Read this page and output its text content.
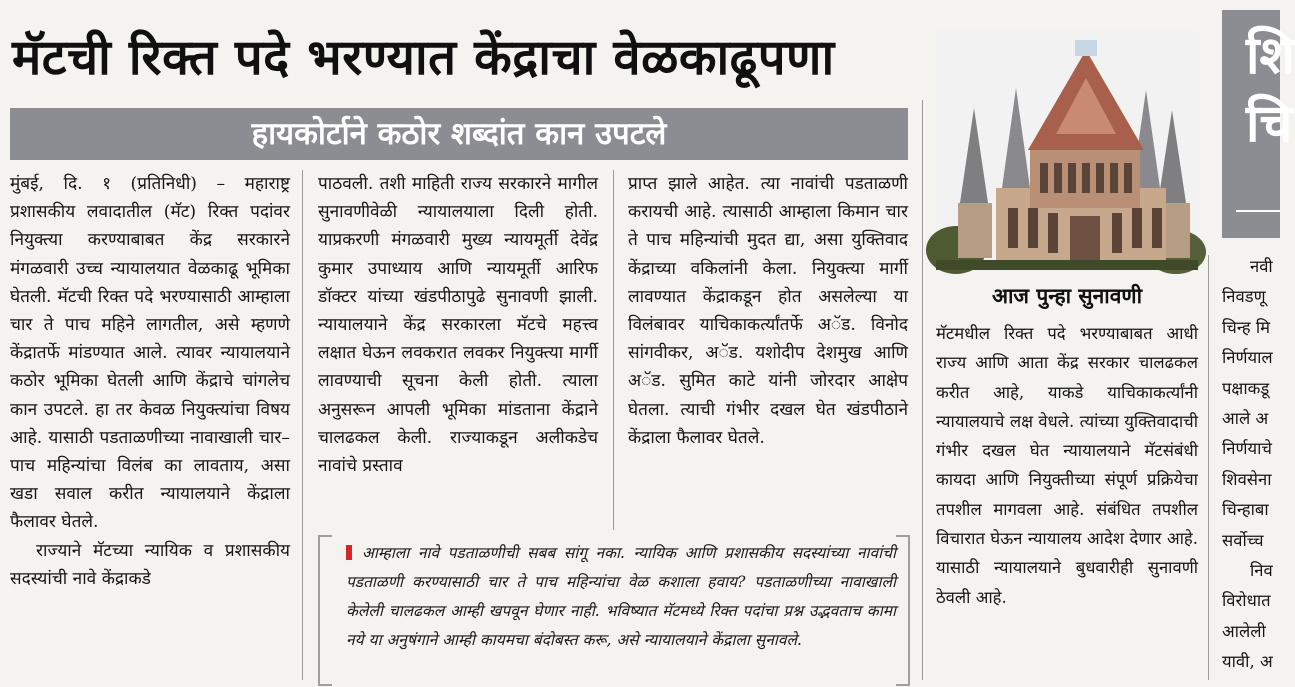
मॅटची रिक्त पदे भरण्यात केंद्राचा वेळकाढूपणा
हायकोर्टाने कठोर शब्दांत कान उपटले

मुंबई, दि. १ (प्रतिनिधी) – महाराष्ट्र प्रशासकीय लवादातील (मॅट) रिक्त पदांवर नियुक्त्या करण्याबाबत केंद्र सरकारने मंगळवारी उच्च न्यायालयात वेळकाढू भूमिका घेतली. मॅटची रिक्त पदे भरण्यासाठी आम्हाला चार ते पाच महिने लागतील, असे म्हणणे केंद्रातर्फे मांडण्यात आले. त्यावर न्यायालयाने कठोर भूमिका घेतली आणि केंद्राचे चांगलेच कान उपटले. हा तर केवळ नियुक्त्यांचा विषय आहे. यासाठी पडताळणीच्या नावाखाली चार–पाच महिन्यांचा विलंब का लावताय, असा खडा सवाल करीत न्यायालयाने केंद्राला फैलावर घेतले.

राज्याने मॅटच्या न्यायिक व प्रशासकीय सदस्यांची नावे केंद्राकडे

पाठवली. तशी माहिती राज्य सरकारने मागील सुनावणीवेळी न्यायालयाला दिली होती. याप्रकरणी मंगळवारी मुख्य न्यायमूर्ती देवेंद्र कुमार उपाध्याय आणि न्यायमूर्ती आरिफ डॉक्टर यांच्या खंडपीठापुढे सुनावणी झाली. न्यायालयाने केंद्र सरकारला मॅटचे महत्त्व लक्षात घेऊन लवकरात लवकर नियुक्त्या मार्गी लावण्याची सूचना केली होती. त्याला अनुसरून आपली भूमिका मांडताना केंद्राने चालढकल केली. राज्याकडून अलीकडेच नावांचे प्रस्ताव

प्राप्त झाले आहेत. त्या नावांची पडताळणी करायची आहे. त्यासाठी आम्हाला किमान चार ते पाच महिन्यांची मुदत द्या, असा युक्तिवाद केंद्राच्या वकिलांनी केला. नियुक्त्या मार्गी लावण्यात केंद्राकडून होत असलेल्या या विलंबावर याचिकाकर्त्यांतर्फे अॅड. विनोद सांगवीकर, अॅड. यशोदीप देशमुख आणि अॅड. सुमित काटे यांनी जोरदार आक्षेप घेतला. त्याची गंभीर दखल घेत खंडपीठाने केंद्राला फैलावर घेतले.

आम्हाला नावे पडताळणीची सबब सांगू नका. न्यायिक आणि प्रशासकीय सदस्यांच्या नावांची पडताळणी करण्यासाठी चार ते पाच महिन्यांचा वेळ कशाला हवाय? पडताळणीच्या नावाखाली केलेली चालढकल आम्ही खपवून घेणार नाही. भविष्यात मॅटमध्ये रिक्त पदांचा प्रश्न उद्भवताच कामा नये या अनुषंगाने आम्ही कायमचा बंदोबस्त करू, असे न्यायालयाने केंद्राला सुनावले.
आज पुन्हा सुनावणी
मॅटमधील रिक्त पदे भरण्याबाबत आधी राज्य आणि आता केंद्र सरकार चालढकल करीत आहे, याकडे याचिकाकर्त्यांनी न्यायालयाचे लक्ष वेधले. त्यांच्या युक्तिवादाची गंभीर दखल घेत न्यायालयाने मॅटसंबंधी कायदा आणि नियुक्तीच्या संपूर्ण प्रक्रियेचा तपशील मागवला आहे. संबंधित तपशील विचारात घेऊन न्यायालय आदेश देणार आहे. यासाठी न्यायालयाने बुधवारीही सुनावणी ठेवली आहे.
शि
चि
नवी
निवडणू
चिन्ह मि
निर्णयाल
पक्षाकडू
आले अ
निर्णयाचे
शिवसेना
चिन्हाबा
सर्वोच्च
निव
विरोधात
आलेली
यावी, अ
